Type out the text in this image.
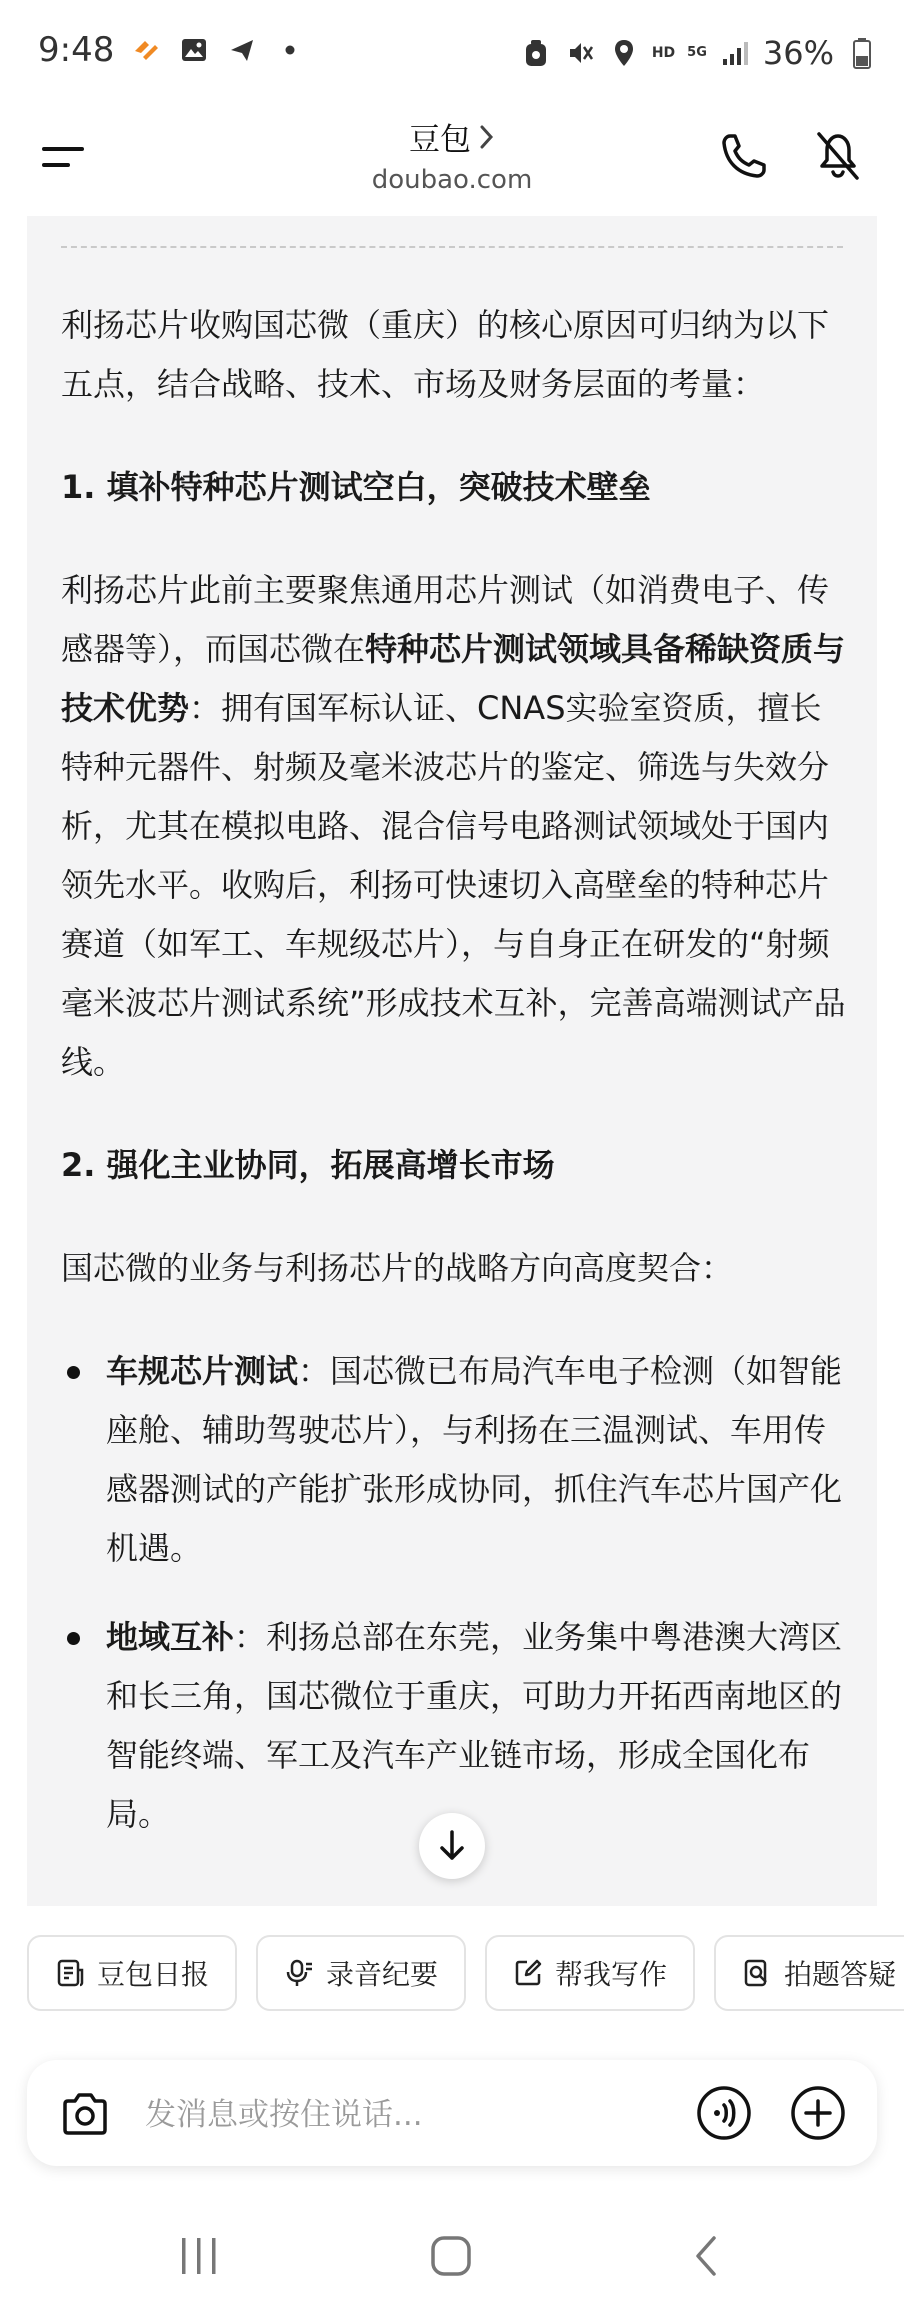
9:48	HD 5G 36%
豆包
doubao.com

利扬芯片收购国芯微（重庆）的核心原因可归纳为以下五点，结合战略、技术、市场及财务层面的考量：

1. 填补特种芯片测试空白，突破技术壁垒

利扬芯片此前主要聚焦通用芯片测试（如消费电子、传感器等），而国芯微在特种芯片测试领域具备稀缺资质与技术优势：拥有国军标认证、CNAS实验室资质，擅长特种元器件、射频及毫米波芯片的鉴定、筛选与失效分析，尤其在模拟电路、混合信号电路测试领域处于国内领先水平。收购后，利扬可快速切入高壁垒的特种芯片赛道（如军工、车规级芯片），与自身正在研发的“射频毫米波芯片测试系统”形成技术互补，完善高端测试产品线。

2. 强化主业协同，拓展高增长市场

国芯微的业务与利扬芯片的战略方向高度契合：

车规芯片测试：国芯微已布局汽车电子检测（如智能座舱、辅助驾驶芯片），与利扬在三温测试、车用传感器测试的产能扩张形成协同，抓住汽车芯片国产化机遇。
地域互补：利扬总部在东莞，业务集中粤港澳大湾区和长三角，国芯微位于重庆，可助力开拓西南地区的智能终端、军工及汽车产业链市场，形成全国化布局。
豆包日报	录音纪要	帮我写作	拍题答疑
发消息或按住说话...
